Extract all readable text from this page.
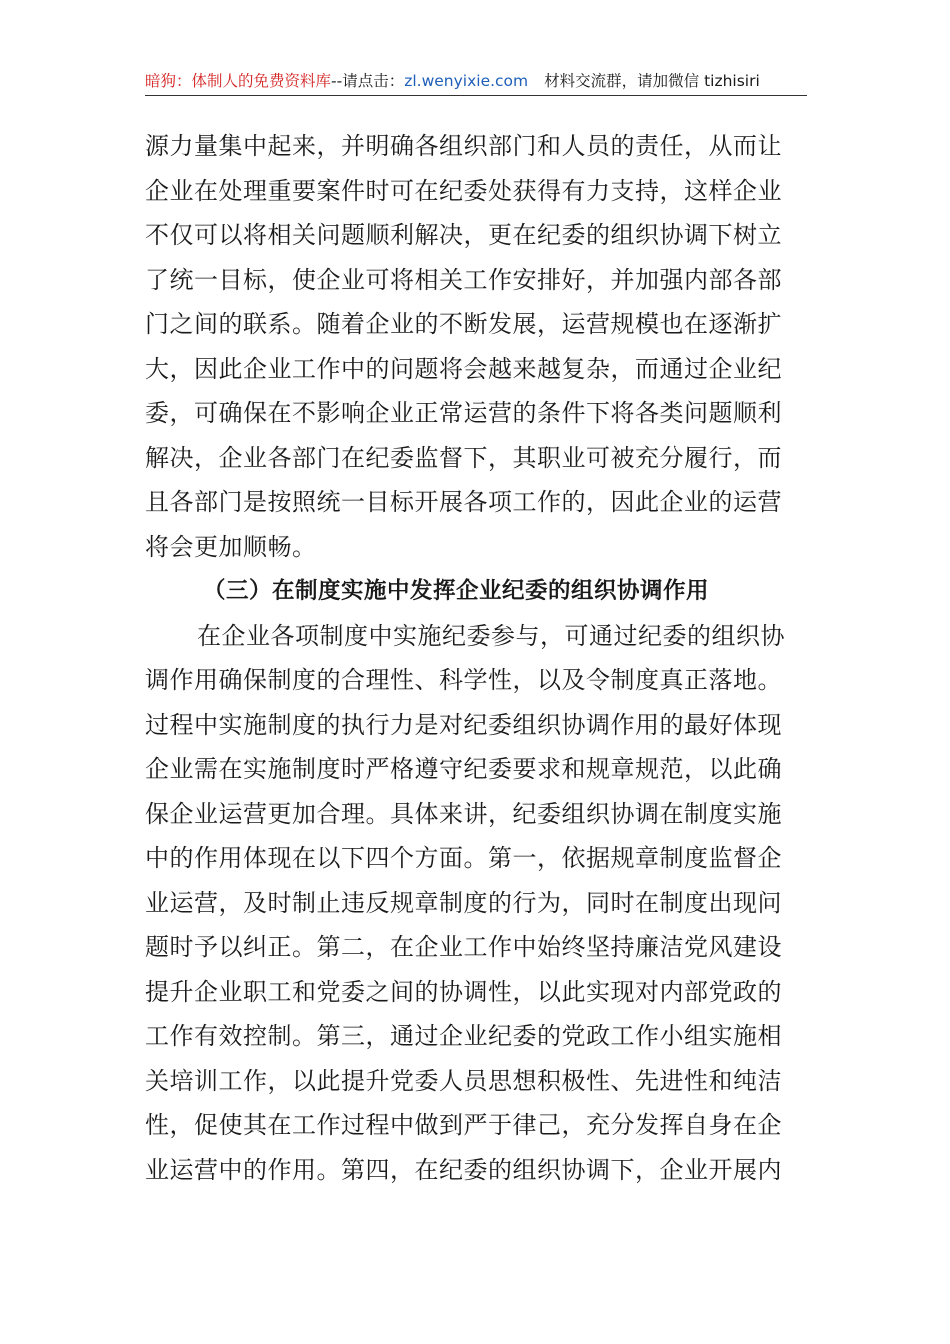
暗狗：体制人的免费资料库--请点击：zl.wenyixie.com 材料交流群，请加微信 tizhisiri
源力量集中起来，并明确各组织部门和人员的责任，从而让
企业在处理重要案件时可在纪委处获得有力支持，这样企业
不仅可以将相关问题顺利解决，更在纪委的组织协调下树立
了统一目标，使企业可将相关工作安排好，并加强内部各部
门之间的联系。随着企业的不断发展，运营规模也在逐渐扩
大，因此企业工作中的问题将会越来越复杂，而通过企业纪
委，可确保在不影响企业正常运营的条件下将各类问题顺利
解决，企业各部门在纪委监督下，其职业可被充分履行，而
且各部门是按照统一目标开展各项工作的，因此企业的运营
将会更加顺畅。
（三）在制度实施中发挥企业纪委的组织协调作用
在企业各项制度中实施纪委参与，可通过纪委的组织协
调作用确保制度的合理性、科学性，以及令制度真正落地。
过程中实施制度的执行力是对纪委组织协调作用的最好体现
企业需在实施制度时严格遵守纪委要求和规章规范，以此确
保企业运营更加合理。具体来讲，纪委组织协调在制度实施
中的作用体现在以下四个方面。第一，依据规章制度监督企
业运营，及时制止违反规章制度的行为，同时在制度出现问
题时予以纠正。第二，在企业工作中始终坚持廉洁党风建设
提升企业职工和党委之间的协调性，以此实现对内部党政的
工作有效控制。第三，通过企业纪委的党政工作小组实施相
关培训工作，以此提升党委人员思想积极性、先进性和纯洁
性，促使其在工作过程中做到严于律己，充分发挥自身在企
业运营中的作用。第四，在纪委的组织协调下，企业开展内
